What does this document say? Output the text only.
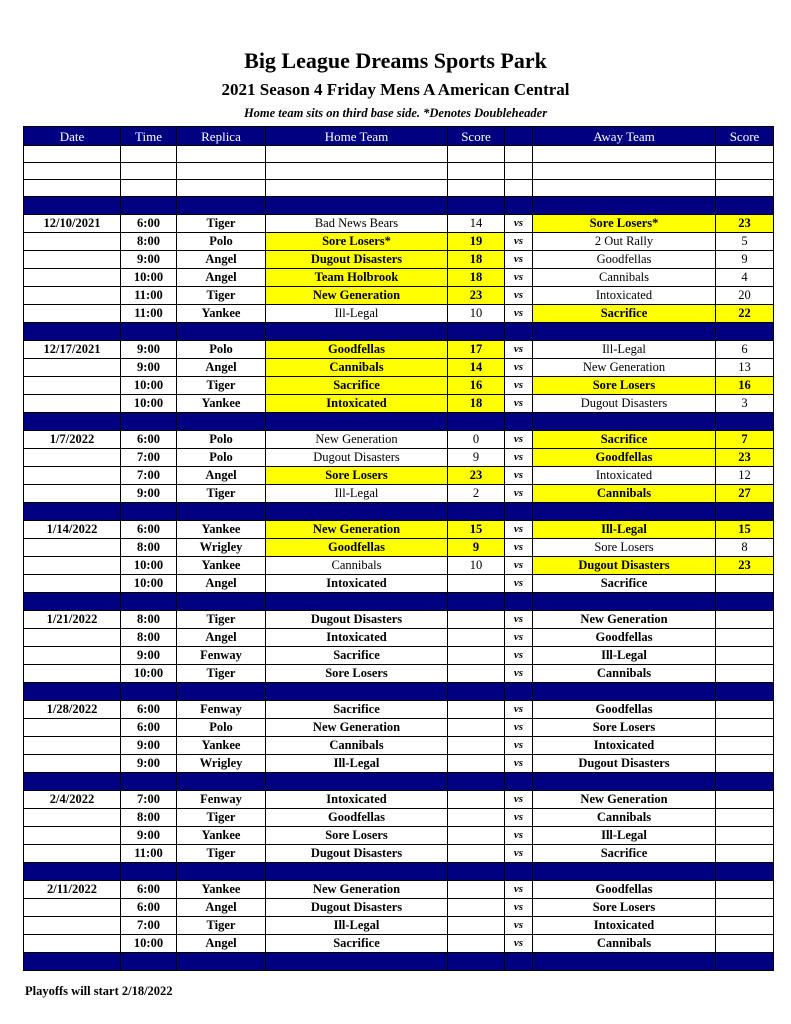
Big League Dreams Sports Park
2021 Season 4 Friday Mens A American Central
Home team sits on third base side. *Denotes Doubleheader
Date	Time	Replica	Home Team	Score		Away Team	Score

12/10/2021	6:00	Tiger	Bad News Bears	14	vs	Sore Losers*	23
	8:00	Polo	Sore Losers*	19	vs	2 Out Rally	5
	9:00	Angel	Dugout Disasters	18	vs	Goodfellas	9
	10:00	Angel	Team Holbrook	18	vs	Cannibals	4
	11:00	Tiger	New Generation	23	vs	Intoxicated	20
	11:00	Yankee	Ill-Legal	10	vs	Sacrifice	22

12/17/2021	9:00	Polo	Goodfellas	17	vs	Ill-Legal	6
	9:00	Angel	Cannibals	14	vs	New Generation	13
	10:00	Tiger	Sacrifice	16	vs	Sore Losers	16
	10:00	Yankee	Intoxicated	18	vs	Dugout Disasters	3

1/7/2022	6:00	Polo	New Generation	0	vs	Sacrifice	7
	7:00	Polo	Dugout Disasters	9	vs	Goodfellas	23
	7:00	Angel	Sore Losers	23	vs	Intoxicated	12
	9:00	Tiger	Ill-Legal	2	vs	Cannibals	27

1/14/2022	6:00	Yankee	New Generation	15	vs	Ill-Legal	15
	8:00	Wrigley	Goodfellas	9	vs	Sore Losers	8
	10:00	Yankee	Cannibals	10	vs	Dugout Disasters	23
	10:00	Angel	Intoxicated		vs	Sacrifice	

1/21/2022	8:00	Tiger	Dugout Disasters		vs	New Generation	
	8:00	Angel	Intoxicated		vs	Goodfellas	
	9:00	Fenway	Sacrifice		vs	Ill-Legal	
	10:00	Tiger	Sore Losers		vs	Cannibals	

1/28/2022	6:00	Fenway	Sacrifice		vs	Goodfellas	
	6:00	Polo	New Generation		vs	Sore Losers	
	9:00	Yankee	Cannibals		vs	Intoxicated	
	9:00	Wrigley	Ill-Legal		vs	Dugout Disasters	

2/4/2022	7:00	Fenway	Intoxicated		vs	New Generation	
	8:00	Tiger	Goodfellas		vs	Cannibals	
	9:00	Yankee	Sore Losers		vs	Ill-Legal	
	11:00	Tiger	Dugout Disasters		vs	Sacrifice	

2/11/2022	6:00	Yankee	New Generation		vs	Goodfellas	
	6:00	Angel	Dugout Disasters		vs	Sore Losers	
	7:00	Tiger	Ill-Legal		vs	Intoxicated	
	10:00	Angel	Sacrifice		vs	Cannibals	

Playoffs will start 2/18/2022
